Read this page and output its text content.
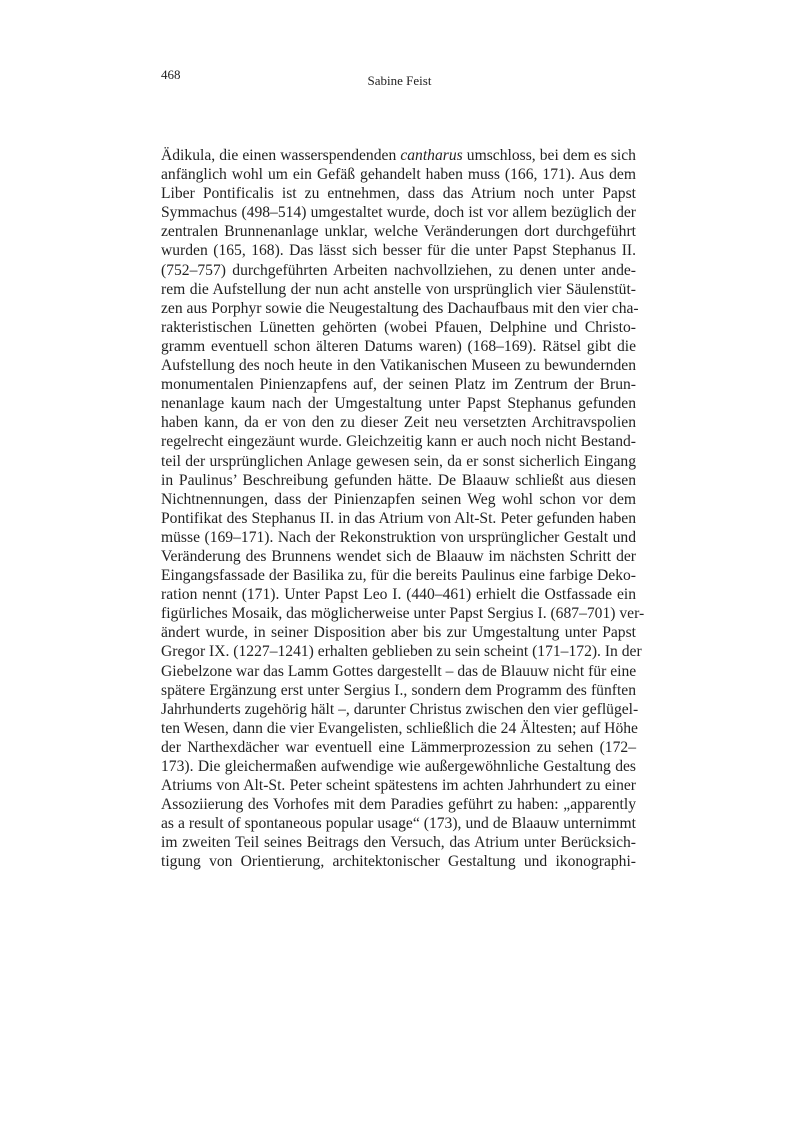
468	Sabine Feist
Ädikula, die einen wasserspendenden cantharus umschloss, bei dem es sich
anfänglich wohl um ein Gefäß gehandelt haben muss (166, 171). Aus dem
Liber Pontificalis ist zu entnehmen, dass das Atrium noch unter Papst
Symmachus (498–514) umgestaltet wurde, doch ist vor allem bezüglich der
zentralen Brunnenanlage unklar, welche Veränderungen dort durchgeführt
wurden (165, 168). Das lässt sich besser für die unter Papst Stephanus II.
(752–757) durchgeführten Arbeiten nachvollziehen, zu denen unter ande-
rem die Aufstellung der nun acht anstelle von ursprünglich vier Säulenstüt-
zen aus Porphyr sowie die Neugestaltung des Dachaufbaus mit den vier cha-
rakteristischen Lünetten gehörten (wobei Pfauen, Delphine und Christo-
gramm eventuell schon älteren Datums waren) (168–169). Rätsel gibt die
Aufstellung des noch heute in den Vatikanischen Museen zu bewundernden
monumentalen Pinienzapfens auf, der seinen Platz im Zentrum der Brun-
nenanlage kaum nach der Umgestaltung unter Papst Stephanus gefunden
haben kann, da er von den zu dieser Zeit neu versetzten Architravspolien
regelrecht eingezäunt wurde. Gleichzeitig kann er auch noch nicht Bestand-
teil der ursprünglichen Anlage gewesen sein, da er sonst sicherlich Eingang
in Paulinus’ Beschreibung gefunden hätte. De Blaauw schließt aus diesen
Nichtnennungen, dass der Pinienzapfen seinen Weg wohl schon vor dem
Pontifikat des Stephanus II. in das Atrium von Alt-St. Peter gefunden haben
müsse (169–171). Nach der Rekonstruktion von ursprünglicher Gestalt und
Veränderung des Brunnens wendet sich de Blaauw im nächsten Schritt der
Eingangsfassade der Basilika zu, für die bereits Paulinus eine farbige Deko-
ration nennt (171). Unter Papst Leo I. (440–461) erhielt die Ostfassade ein
figürliches Mosaik, das möglicherweise unter Papst Sergius I. (687–701) ver-
ändert wurde, in seiner Disposition aber bis zur Umgestaltung unter Papst
Gregor IX. (1227–1241) erhalten geblieben zu sein scheint (171–172). In der
Giebelzone war das Lamm Gottes dargestellt – das de Blauuw nicht für eine
spätere Ergänzung erst unter Sergius I., sondern dem Programm des fünften
Jahrhunderts zugehörig hält –, darunter Christus zwischen den vier geflügel-
ten Wesen, dann die vier Evangelisten, schließlich die 24 Ältesten; auf Höhe
der Narthexdächer war eventuell eine Lämmerprozession zu sehen (172–
173). Die gleichermaßen aufwendige wie außergewöhnliche Gestaltung des
Atriums von Alt-St. Peter scheint spätestens im achten Jahrhundert zu einer
Assoziierung des Vorhofes mit dem Paradies geführt zu haben: „apparently
as a result of spontaneous popular usage“ (173), und de Blaauw unternimmt
im zweiten Teil seines Beitrags den Versuch, das Atrium unter Berücksich-
tigung von Orientierung, architektonischer Gestaltung und ikonographi-
